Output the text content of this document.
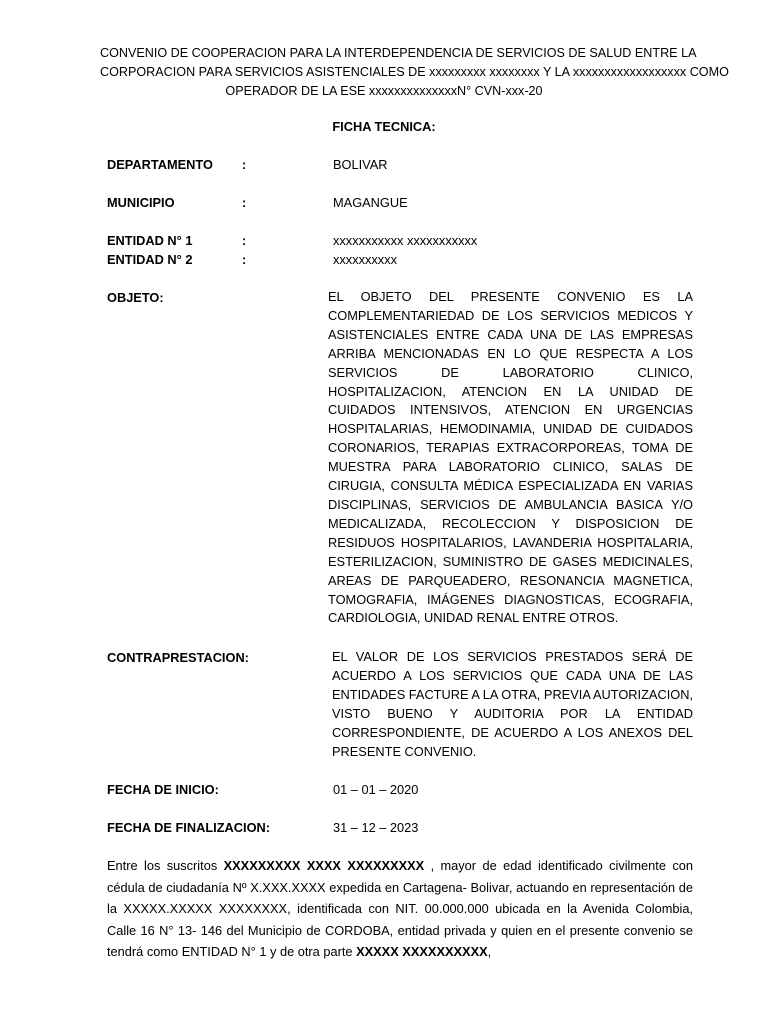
CONVENIO DE COOPERACION PARA LA INTERDEPENDENCIA DE SERVICIOS DE SALUD ENTRE LA
CORPORACION PARA SERVICIOS ASISTENCIALES DE xxxxxxxxx xxxxxxxx Y LA xxxxxxxxxxxxxxxxxx COMO
OPERADOR DE LA ESE xxxxxxxxxxxxxxN° CVN-xxx-20
FICHA TECNICA:
DEPARTAMENTO :	BOLIVAR
MUNICIPIO	:	MAGANGUE
ENTIDAD N° 1	:	xxxxxxxxxxx xxxxxxxxxxx
ENTIDAD N° 2	:	xxxxxxxxxx
OBJETO:	EL OBJETO DEL PRESENTE CONVENIO ES LA COMPLEMENTARIEDAD DE LOS SERVICIOS MEDICOS Y ASISTENCIALES ENTRE CADA UNA DE LAS EMPRESAS ARRIBA MENCIONADAS EN LO QUE RESPECTA A LOS SERVICIOS DE LABORATORIO CLINICO, HOSPITALIZACION, ATENCION EN LA UNIDAD DE CUIDADOS INTENSIVOS, ATENCION EN URGENCIAS HOSPITALARIAS, HEMODINAMIA, UNIDAD DE CUIDADOS CORONARIOS, TERAPIAS EXTRACORPOREAS, TOMA DE MUESTRA PARA LABORATORIO CLINICO, SALAS DE CIRUGIA, CONSULTA MÉDICA ESPECIALIZADA EN VARIAS DISCIPLINAS, SERVICIOS DE AMBULANCIA BASICA Y/O MEDICALIZADA, RECOLECCION Y DISPOSICION DE RESIDUOS HOSPITALARIOS, LAVANDERIA HOSPITALARIA, ESTERILIZACION, SUMINISTRO DE GASES MEDICINALES, AREAS DE PARQUEADERO, RESONANCIA MAGNETICA, TOMOGRAFIA, IMÁGENES DIAGNOSTICAS, ECOGRAFIA, CARDIOLOGIA, UNIDAD RENAL ENTRE OTROS.
CONTRAPRESTACION:	EL VALOR DE LOS SERVICIOS PRESTADOS SERÁ DE ACUERDO A LOS SERVICIOS QUE CADA UNA DE LAS ENTIDADES FACTURE A LA OTRA, PREVIA AUTORIZACION, VISTO BUENO Y AUDITORIA POR LA ENTIDAD CORRESPONDIENTE, DE ACUERDO A LOS ANEXOS DEL PRESENTE CONVENIO.
FECHA DE INICIO:	01 – 01 – 2020
FECHA DE FINALIZACION:	31 – 12 – 2023
Entre los suscritos XXXXXXXXX XXXX XXXXXXXXX , mayor de edad identificado civilmente con cédula de ciudadanía Nº X.XXX.XXXX expedida en Cartagena- Bolivar, actuando en representación de la XXXXX.XXXXX XXXXXXXX, identificada con NIT. 00.000.000 ubicada en la Avenida Colombia, Calle 16 N° 13- 146 del Municipio de CORDOBA, entidad privada y quien en el presente convenio se tendrá como ENTIDAD N° 1 y de otra parte XXXXX XXXXXXXXXX,
